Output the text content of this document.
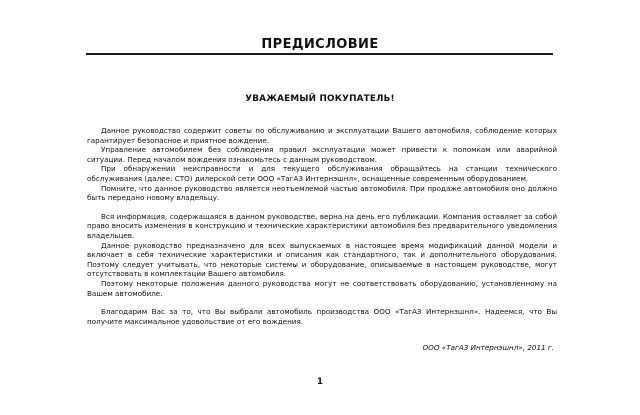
ПРЕДИСЛОВИЕ
УВАЖАЕМЫЙ ПОКУПАТЕЛЬ!

Данное руководство содержит советы по обслуживанию и эксплуатации Вашего автомобиля, соблюдение которых гарантирует безопасное и приятное вождение.

Управление автомобилем без соблюдения правил эксплуатации может привести к поломкам или аварийной ситуации. Перед началом вождения ознакомьтесь с данным руководством.

При обнаружении неисправности и для текущего обслуживания обращайтесь на станции технического обслуживания (далее: СТО) дилерской сети ООО «ТагАЗ Интернэшнл», оснащенные современным оборудованием.

Помните, что данное руководство является неотъемлемой частью автомобиля. При продаже автомобиля оно должно быть передано новому владельцу.

Вся информация, содержащаяся в данном руководстве, верна на день его публикации. Компания оставляет за собой право вносить изменения в конструкцию и технические характеристики автомобиля без предварительного уведомления владельцев.

Данное руководство предназначено для всех выпускаемых в настоящее время модификаций данной модели и включает в себя технические характеристики и описания как стандартного, так и дополнительного оборудования. Поэтому следует учитывать, что некоторые системы и оборудование, описываемые в настоящем руководстве, могут отсутствовать в комплектации Вашего автомобиля.

Поэтому некоторые положения данного руководства могут не соответствовать оборудованию, установленному на Вашем автомобиле.

Благодарим Вас за то, что Вы выбрали автомобиль производства ООО «ТагАЗ Интернэшнл». Надеемся, что Вы получите максимальное удовольствие от его вождения.

ООО «ТагАЗ Интернэшнл», 2011 г.
1
